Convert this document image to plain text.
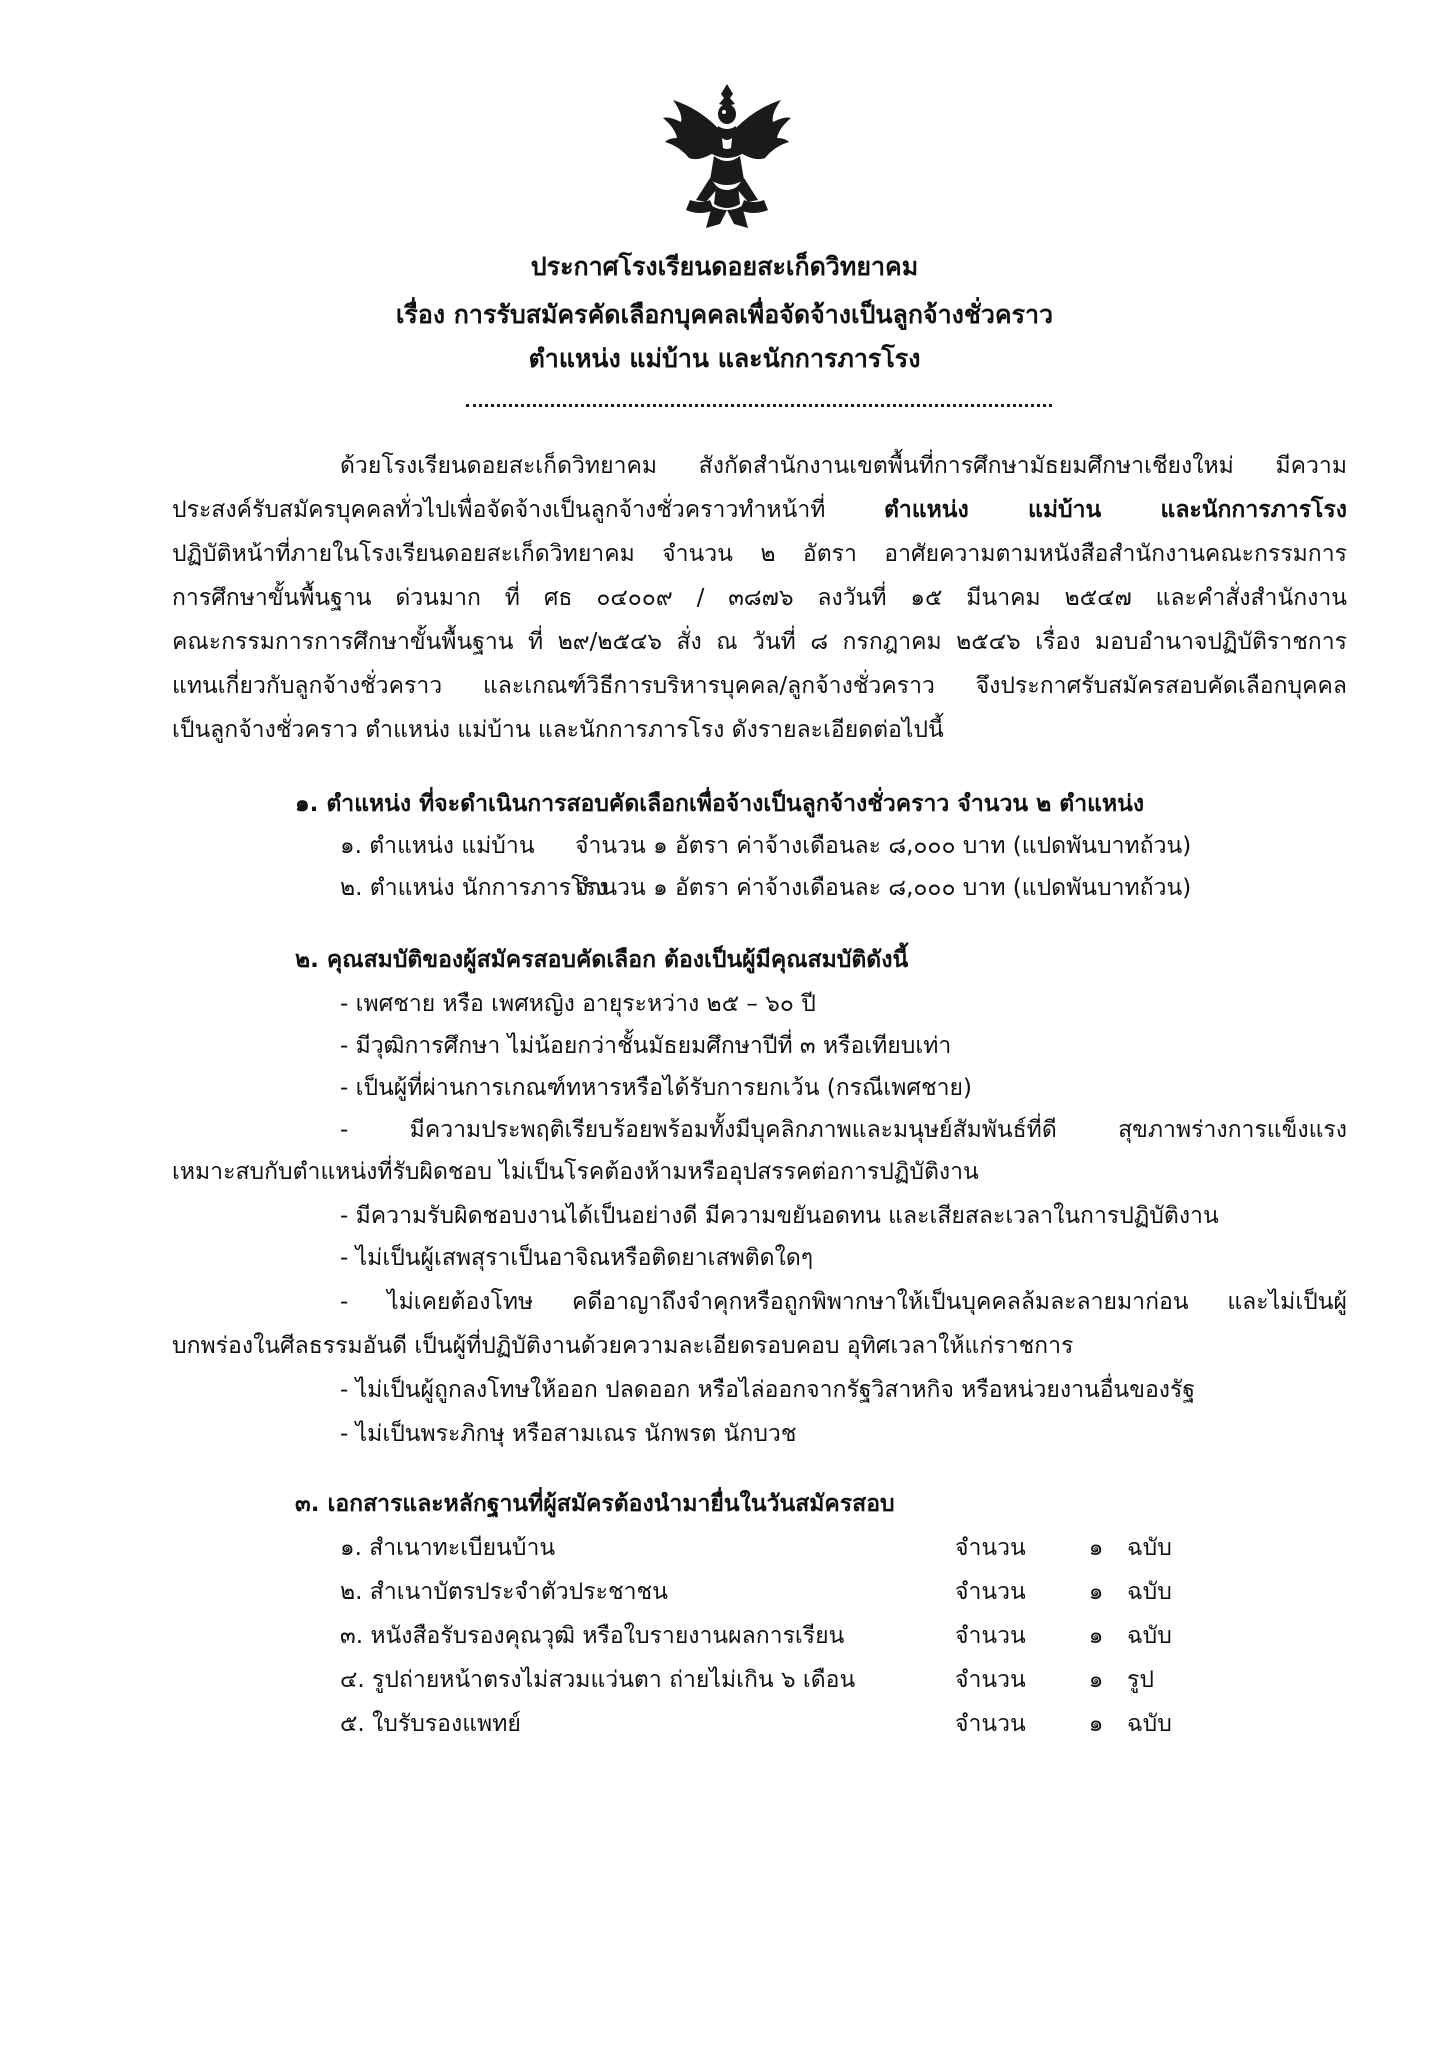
ประกาศโรงเรียนดอยสะเก็ดวิทยาคม
เรื่อง การรับสมัครคัดเลือกบุคคลเพื่อจัดจ้างเป็นลูกจ้างชั่วคราว
ตำแหน่ง แม่บ้าน และนักการภารโรง
ด้วยโรงเรียนดอยสะเก็ดวิทยาคม สังกัดสำนักงานเขตพื้นที่การศึกษามัธยมศึกษาเชียงใหม่ มีความ
ประสงค์รับสมัครบุคคลทั่วไปเพื่อจัดจ้างเป็นลูกจ้างชั่วคราวทำหน้าที่ ตำแหน่ง แม่บ้าน และนักการภารโรง
ปฏิบัติหน้าที่ภายในโรงเรียนดอยสะเก็ดวิทยาคม จำนวน ๒ อัตรา อาศัยความตามหนังสือสำนักงานคณะกรรมการ
การศึกษาขั้นพื้นฐาน ด่วนมาก ที่ ศธ ๐๔๐๐๙ / ๓๘๗๖ ลงวันที่ ๑๕ มีนาคม ๒๕๔๗ และคำสั่งสำนักงาน
คณะกรรมการการศึกษาขั้นพื้นฐาน ที่ ๒๙/๒๕๔๖ สั่ง ณ วันที่ ๘ กรกฎาคม ๒๕๔๖ เรื่อง มอบอำนาจปฏิบัติราชการ
แทนเกี่ยวกับลูกจ้างชั่วคราว และเกณฑ์วิธีการบริหารบุคคล/ลูกจ้างชั่วคราว จึงประกาศรับสมัครสอบคัดเลือกบุคคล
เป็นลูกจ้างชั่วคราว ตำแหน่ง แม่บ้าน และนักการภารโรง ดังรายละเอียดต่อไปนี้
๑. ตำแหน่ง ที่จะดำเนินการสอบคัดเลือกเพื่อจ้างเป็นลูกจ้างชั่วคราว จำนวน ๒ ตำแหน่ง
๑. ตำแหน่ง แม่บ้าน จำนวน ๑ อัตรา ค่าจ้างเดือนละ ๘,๐๐๐ บาท (แปดพันบาทถ้วน)
๒. ตำแหน่ง นักการภารโรงจำนวน ๑ อัตรา ค่าจ้างเดือนละ ๘,๐๐๐ บาท (แปดพันบาทถ้วน)
๒. คุณสมบัติของผู้สมัครสอบคัดเลือก ต้องเป็นผู้มีคุณสมบัติดังนี้
- เพศชาย หรือ เพศหญิง อายุระหว่าง ๒๕ – ๖๐ ปี
- มีวุฒิการศึกษา ไม่น้อยกว่าชั้นมัธยมศึกษาปีที่ ๓ หรือเทียบเท่า
- เป็นผู้ที่ผ่านการเกณฑ์ทหารหรือได้รับการยกเว้น (กรณีเพศชาย)
- มีความประพฤติเรียบร้อยพร้อมทั้งมีบุคลิกภาพและมนุษย์สัมพันธ์ที่ดี สุขภาพร่างการแข็งแรง
เหมาะสบกับตำแหน่งที่รับผิดชอบ ไม่เป็นโรคต้องห้ามหรืออุปสรรคต่อการปฏิบัติงาน
- มีความรับผิดชอบงานได้เป็นอย่างดี มีความขยันอดทน และเสียสละเวลาในการปฏิบัติงาน
- ไม่เป็นผู้เสพสุราเป็นอาจิณหรือติดยาเสพติดใดๆ
- ไม่เคยต้องโทษ คดีอาญาถึงจำคุกหรือถูกพิพากษาให้เป็นบุคคลล้มละลายมาก่อน และไม่เป็นผู้
บกพร่องในศีลธรรมอันดี เป็นผู้ที่ปฏิบัติงานด้วยความละเอียดรอบคอบ อุทิศเวลาให้แก่ราชการ
- ไม่เป็นผู้ถูกลงโทษให้ออก ปลดออก หรือไล่ออกจากรัฐวิสาหกิจ หรือหน่วยงานอื่นของรัฐ
- ไม่เป็นพระภิกษุ หรือสามเณร นักพรต นักบวช
๓. เอกสารและหลักฐานที่ผู้สมัครต้องนำมายื่นในวันสมัครสอบ
๑. สำเนาทะเบียนบ้าน	จำนวน	๑ ฉบับ
๒. สำเนาบัตรประจำตัวประชาชน	จำนวน	๑ ฉบับ
๓. หนังสือรับรองคุณวุฒิ หรือใบรายงานผลการเรียน	จำนวน	๑ ฉบับ
๔. รูปถ่ายหน้าตรงไม่สวมแว่นตา ถ่ายไม่เกิน ๖ เดือน	จำนวน	๑ รูป
๕. ใบรับรองแพทย์	จำนวน	๑ ฉบับ
